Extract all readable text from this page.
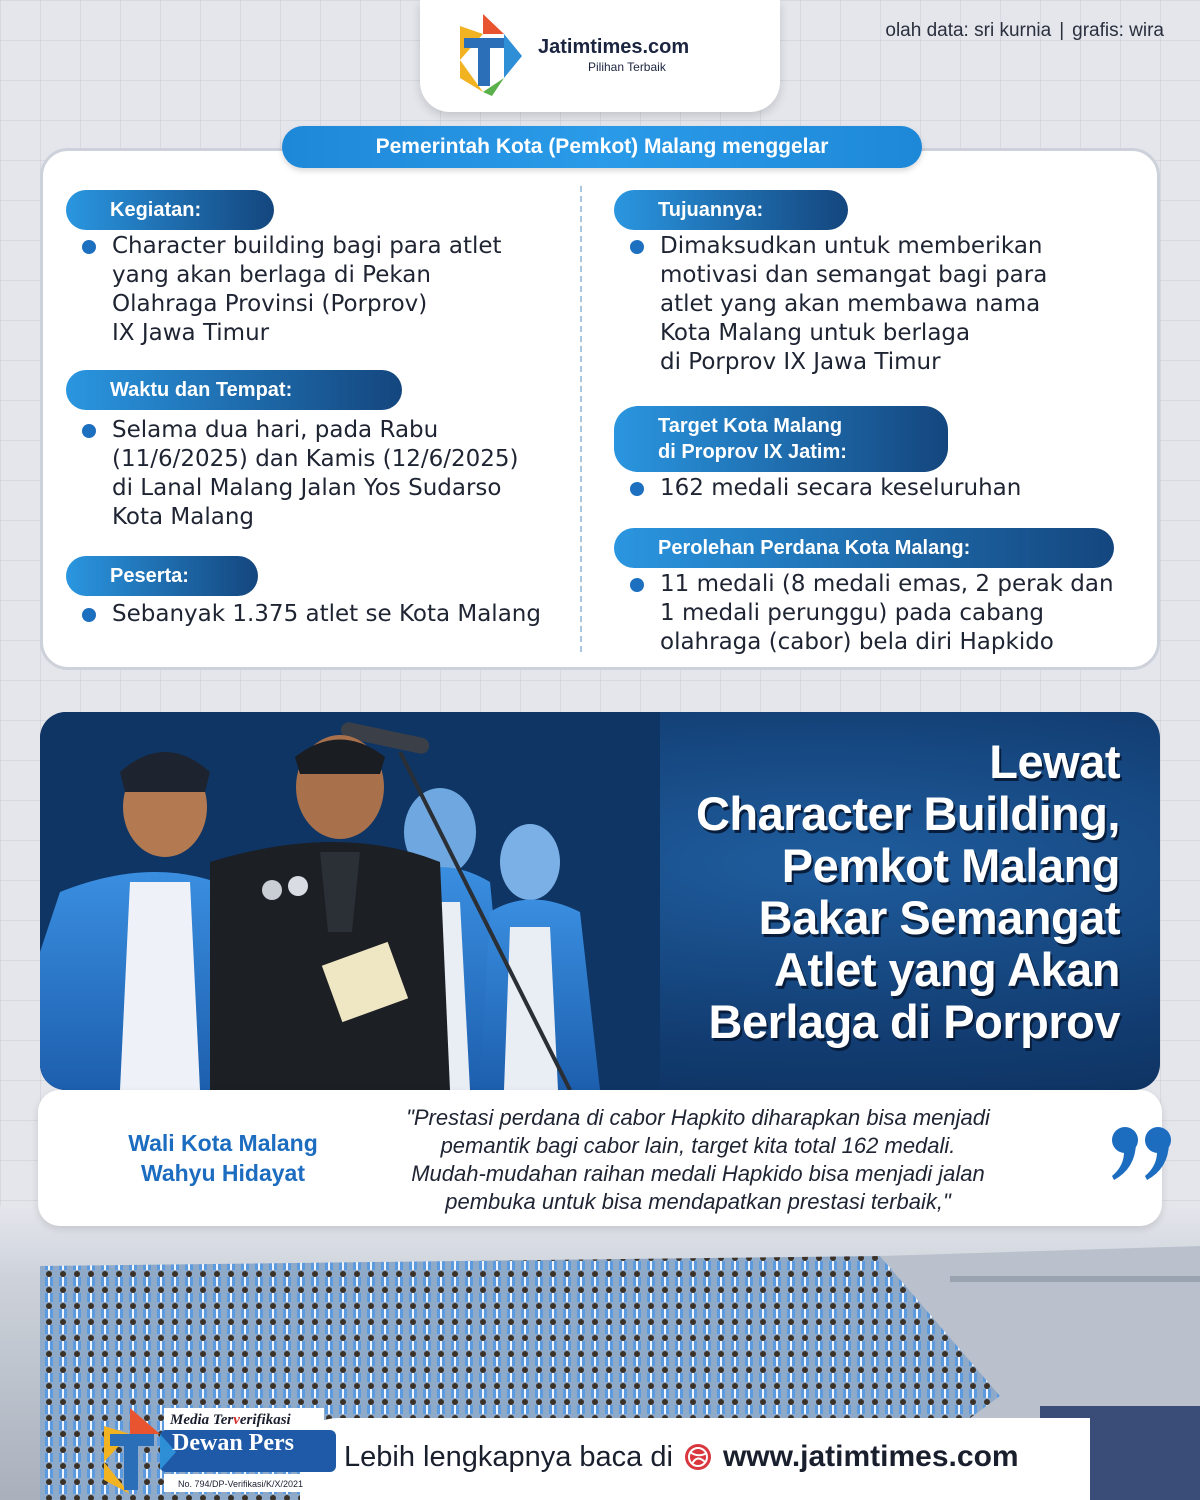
Jatimtimes.com
Pilihan Terbaik
olah data: sri kurnia | grafis: wira
Pemerintah Kota (Pemkot) Malang menggelar
Kegiatan:
Character building bagi para atlet
yang akan berlaga di Pekan
Olahraga Provinsi (Porprov)
IX Jawa Timur
Waktu dan Tempat:
Selama dua hari, pada Rabu
(11/6/2025) dan Kamis (12/6/2025)
di Lanal Malang Jalan Yos Sudarso
Kota Malang
Peserta:
Sebanyak 1.375 atlet se Kota Malang
Tujuannya:
Dimaksudkan untuk memberikan
motivasi dan semangat bagi para
atlet yang akan membawa nama
Kota Malang untuk berlaga
di Porprov IX Jawa Timur
Target Kota Malang
di Proprov IX Jatim:
162 medali secara keseluruhan
Perolehan Perdana Kota Malang:
11 medali (8 medali emas, 2 perak dan
1 medali perunggu) pada cabang
olahraga (cabor) bela diri Hapkido
Lewat
Character Building,
Pemkot Malang
Bakar Semangat
Atlet yang Akan
Berlaga di Porprov
Wali Kota Malang
Wahyu Hidayat
"Prestasi perdana di cabor Hapkito diharapkan bisa menjadi
pemantik bagi cabor lain, target kita total 162 medali.
Mudah-mudahan raihan medali Hapkido bisa menjadi jalan
pembuka untuk bisa mendapatkan prestasi terbaik,"
Media Terverifikasi
Dewan Pers
No. 794/DP-Verifikasi/K/X/2021
Lebih lengkapnya baca di www.jatimtimes.com
